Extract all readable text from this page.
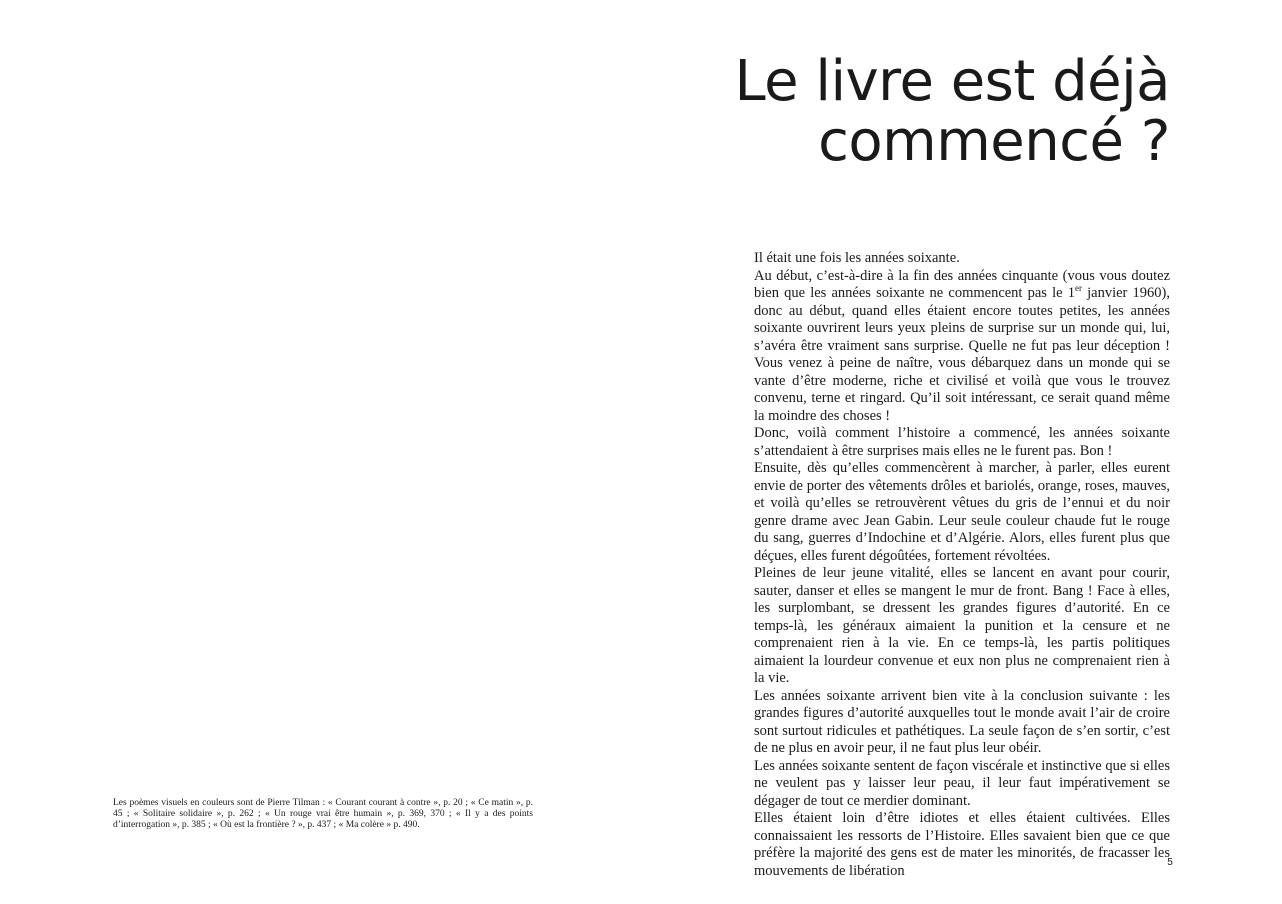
Les poèmes visuels en couleurs sont de Pierre Tilman : « Courant courant à contre », p. 20 ; « Ce matin », p. 45 ; « Solitaire solidaire », p. 262 ; « Un rouge vrai être humain », p. 369, 370 ; « Il y a des points d’interrogation », p. 385 ; « Où est la frontière ? », p. 437 ; « Ma colère » p. 490.

Le livre est déjà
commencé ?

Il était une fois les années soixante.

Au début, c’est-à-dire à la fin des années cinquante (vous vous doutez bien que les années soixante ne commencent pas le 1er janvier 1960), donc au début, quand elles étaient encore toutes petites, les années soixante ouvrirent leurs yeux pleins de surprise sur un monde qui, lui, s’avéra être vraiment sans surprise. Quelle ne fut pas leur déception ! Vous venez à peine de naître, vous débarquez dans un monde qui se vante d’être moderne, riche et civilisé et voilà que vous le trouvez convenu, terne et ringard. Qu’il soit intéressant, ce serait quand même la moindre des choses !

Donc, voilà comment l’histoire a commencé, les années soixante s’attendaient à être surprises mais elles ne le furent pas. Bon !

Ensuite, dès qu’elles commencèrent à marcher, à parler, elles eurent envie de porter des vêtements drôles et bariolés, orange, roses, mauves, et voilà qu’elles se retrouvèrent vêtues du gris de l’ennui et du noir genre drame avec Jean Gabin. Leur seule couleur chaude fut le rouge du sang, guerres d’Indochine et d’Algérie. Alors, elles furent plus que déçues, elles furent dégoûtées, fortement révoltées.

Pleines de leur jeune vitalité, elles se lancent en avant pour courir, sauter, danser et elles se mangent le mur de front. Bang ! Face à elles, les surplombant, se dressent les grandes figures d’autorité. En ce temps-là, les généraux aimaient la punition et la censure et ne comprenaient rien à la vie. En ce temps-là, les partis politiques aimaient la lourdeur convenue et eux non plus ne comprenaient rien à la vie.

Les années soixante arrivent bien vite à la conclusion suivante : les grandes figures d’autorité auxquelles tout le monde avait l’air de croire sont surtout ridicules et pathétiques. La seule façon de s’en sortir, c’est de ne plus en avoir peur, il ne faut plus leur obéir.

Les années soixante sentent de façon viscérale et instinctive que si elles ne veulent pas y laisser leur peau, il leur faut impérativement se dégager de tout ce merdier dominant.

Elles étaient loin d’être idiotes et elles étaient cultivées. Elles connaissaient les ressorts de l’Histoire. Elles savaient bien que ce que préfère la majorité des gens est de mater les minorités, de fracasser les mouvements de libération	5
